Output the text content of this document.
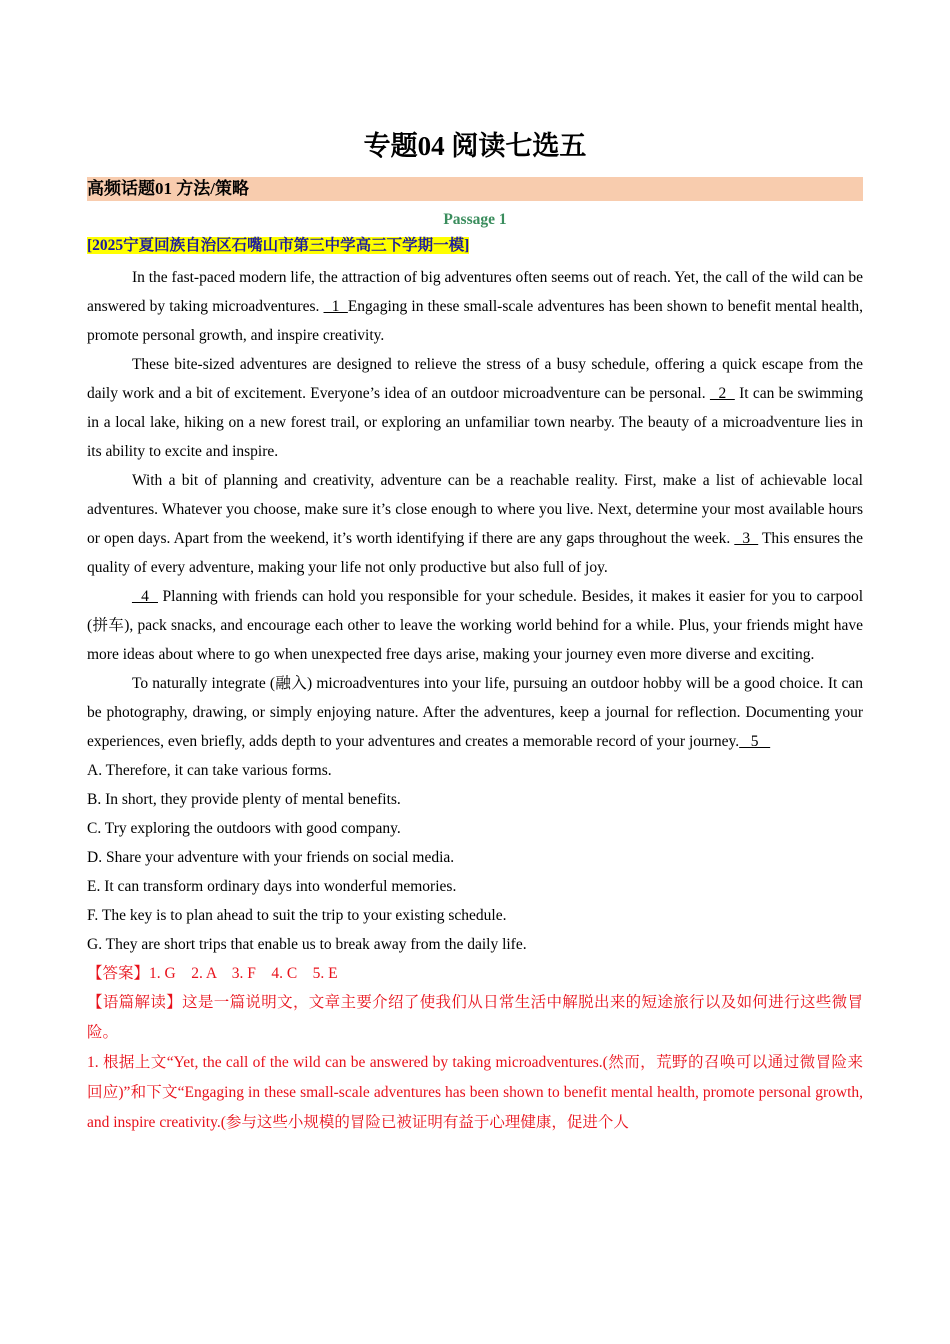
专题04 阅读七选五
高频话题01 方法/策略
Passage 1
[2025宁夏回族自治区石嘴山市第三中学高三下学期一模]

In the fast-paced modern life, the attraction of big adventures often seems out of reach. Yet, the call of the wild can be answered by taking microadventures.   1  Engaging in these small-scale adventures has been shown to benefit mental health, promote personal growth, and inspire creativity.

These bite-sized adventures are designed to relieve the stress of a busy schedule, offering a quick escape from the daily work and a bit of excitement. Everyone’s idea of an outdoor microadventure can be personal.   2   It can be swimming in a local lake, hiking on a new forest trail, or exploring an unfamiliar town nearby. The beauty of a microadventure lies in its ability to excite and inspire.

With a bit of planning and creativity, adventure can be a reachable reality. First, make a list of achievable local adventures. Whatever you choose, make sure it’s close enough to where you live. Next, determine your most available hours or open days. Apart from the weekend, it’s worth identifying if there are any gaps throughout the week.   3   This ensures the quality of every adventure, making your life not only productive but also full of joy.

4   Planning with friends can hold you responsible for your schedule. Besides, it makes it easier for you to carpool (拼车), pack snacks, and encourage each other to leave the working world behind for a while. Plus, your friends might have more ideas about where to go when unexpected free days arise, making your journey even more diverse and exciting.

To naturally integrate (融入) microadventures into your life, pursuing an outdoor hobby will be a good choice. It can be photography, drawing, or simply enjoying nature. After the adventures, keep a journal for reflection. Documenting your experiences, even briefly, adds depth to your adventures and creates a memorable record of your journey.   5

A. Therefore, it can take various forms.

B. In short, they provide plenty of mental benefits.

C. Try exploring the outdoors with good company.

D. Share your adventure with your friends on social media.

E. It can transform ordinary days into wonderful memories.

F. The key is to plan ahead to suit the trip to your existing schedule.

G. They are short trips that enable us to break away from the daily life.

【答案】1. G    2. A    3. F    4. C    5. E

【语篇解读】这是一篇说明文，文章主要介绍了使我们从日常生活中解脱出来的短途旅行以及如何进行这些微冒险。

1. 根据上文“Yet, the call of the wild can be answered by taking microadventures.(然而，荒野的召唤可以通过微冒险来回应)”和下文“Engaging in these small-scale adventures has been shown to benefit mental health, promote personal growth, and inspire creativity.(参与这些小规模的冒险已被证明有益于心理健康，促进个人
